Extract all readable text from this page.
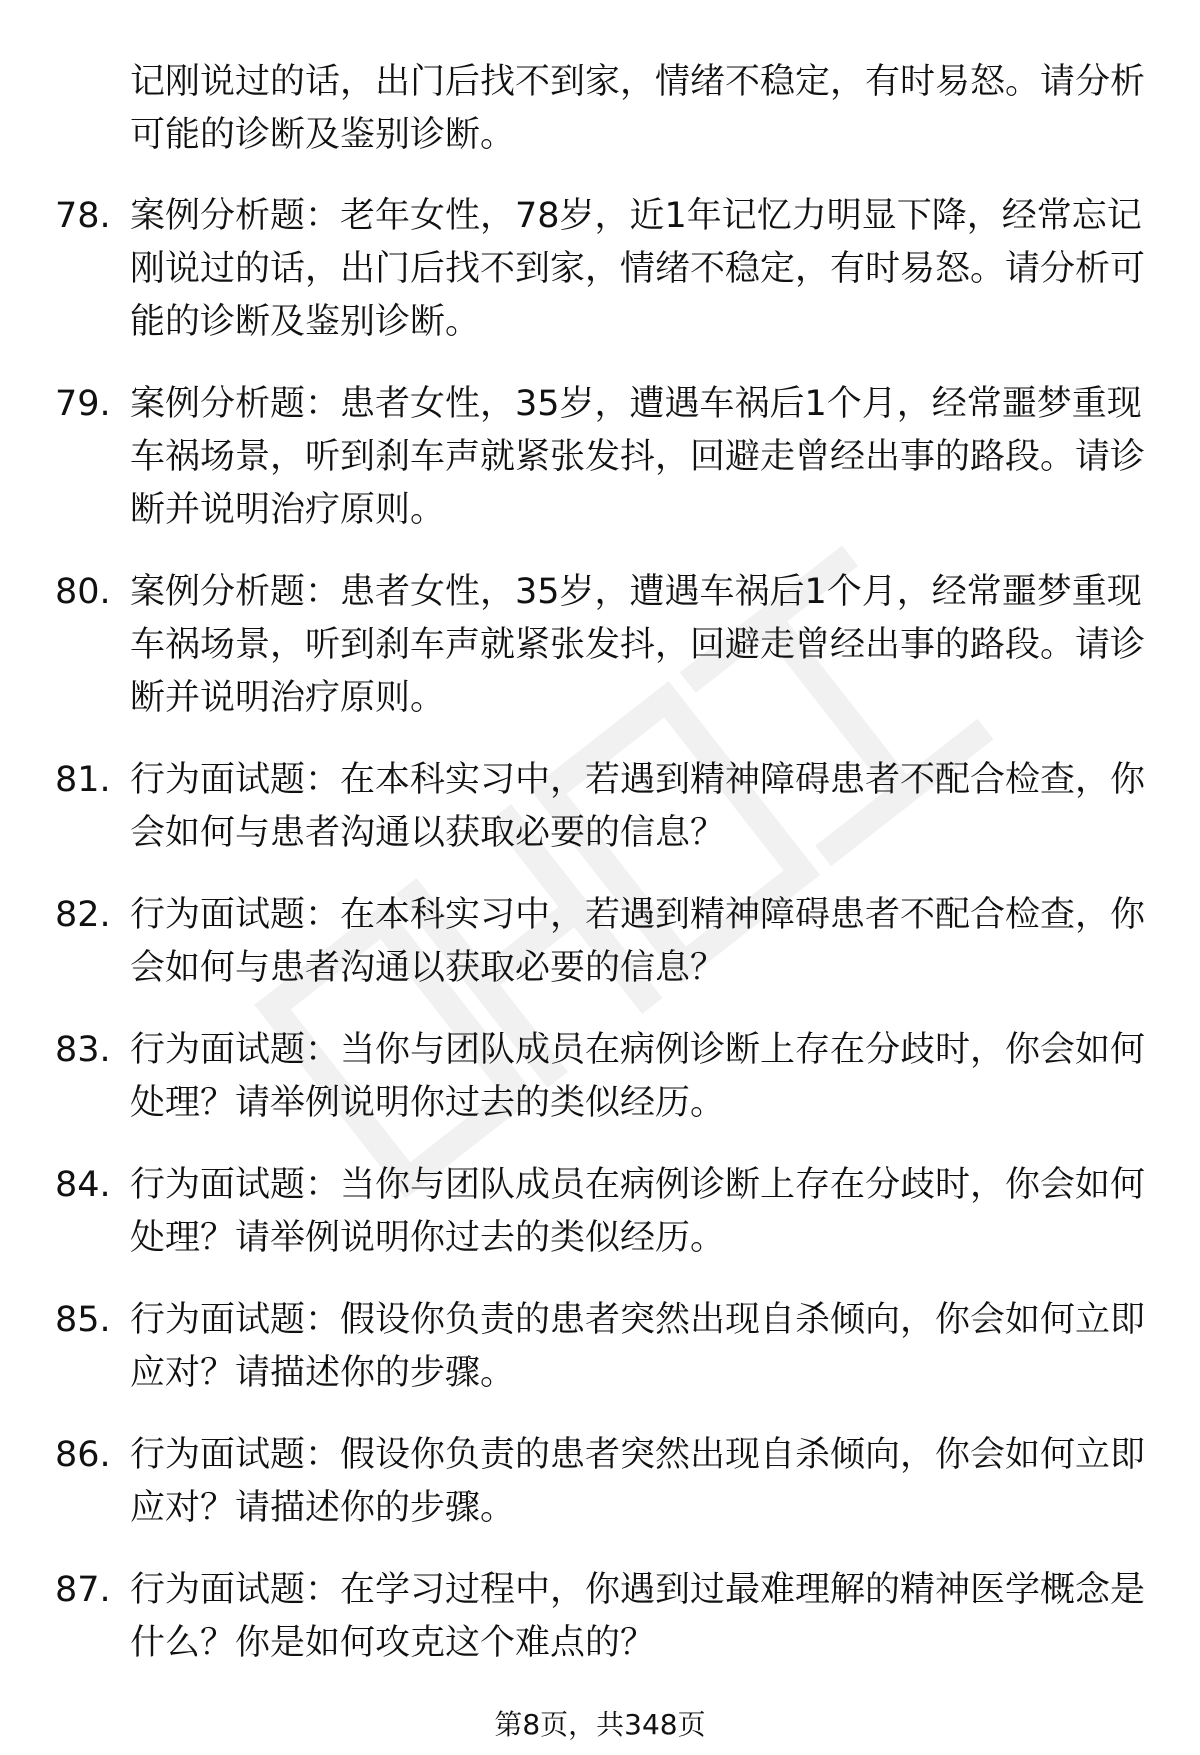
记刚说过的话，出门后找不到家，情绪不稳定，有时易怒。请分析可能的诊断及鉴别诊断。
78. 案例分析题：老年女性，78岁，近1年记忆力明显下降，经常忘记刚说过的话，出门后找不到家，情绪不稳定，有时易怒。请分析可能的诊断及鉴别诊断。
79. 案例分析题：患者女性，35岁，遭遇车祸后1个月，经常噩梦重现车祸场景，听到刹车声就紧张发抖，回避走曾经出事的路段。请诊断并说明治疗原则。
80. 案例分析题：患者女性，35岁，遭遇车祸后1个月，经常噩梦重现车祸场景，听到刹车声就紧张发抖，回避走曾经出事的路段。请诊断并说明治疗原则。
81. 行为面试题：在本科实习中，若遇到精神障碍患者不配合检查，你会如何与患者沟通以获取必要的信息？
82. 行为面试题：在本科实习中，若遇到精神障碍患者不配合检查，你会如何与患者沟通以获取必要的信息？
83. 行为面试题：当你与团队成员在病例诊断上存在分歧时，你会如何处理？请举例说明你过去的类似经历。
84. 行为面试题：当你与团队成员在病例诊断上存在分歧时，你会如何处理？请举例说明你过去的类似经历。
85. 行为面试题：假设你负责的患者突然出现自杀倾向，你会如何立即应对？请描述你的步骤。
86. 行为面试题：假设你负责的患者突然出现自杀倾向，你会如何立即应对？请描述你的步骤。
87. 行为面试题：在学习过程中，你遇到过最难理解的精神医学概念是什么？你是如何攻克这个难点的？
第8页，共348页
